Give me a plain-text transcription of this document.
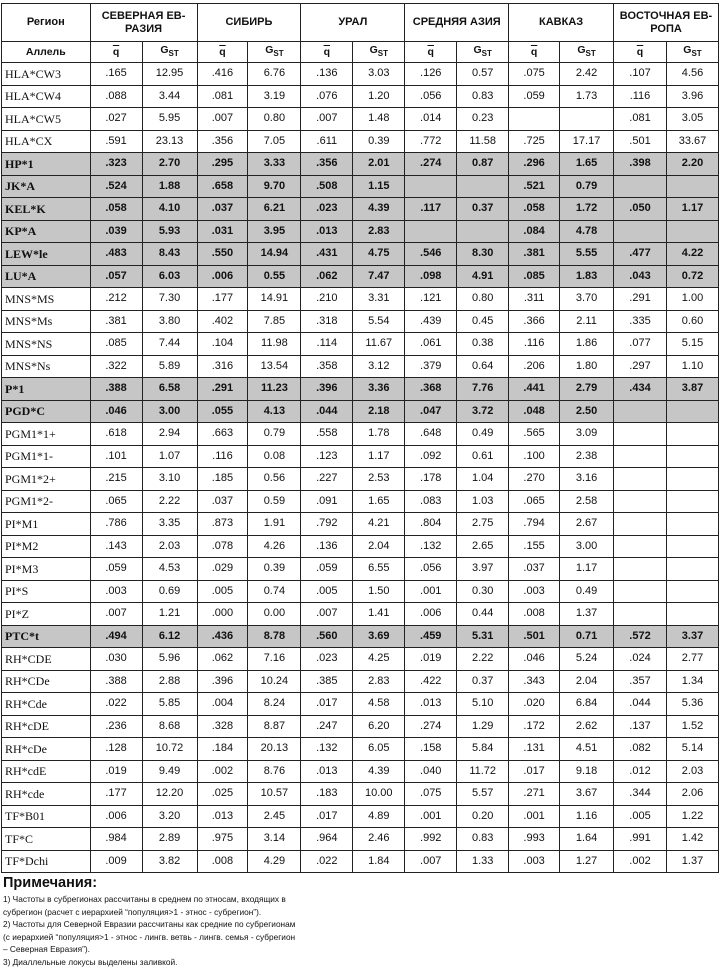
Регион	СЕВЕРНАЯ ЕВ-РАЗИЯ		СИБИРЬ		УРАЛ		СРЕДНЯЯ АЗИЯ		КАВКАЗ		ВОСТОЧНАЯ ЕВ-РОПА	
Аллель	$\overline{q}$	$G_{ST}$	$\overline{q}$	$G_{ST}$	$\overline{q}$	$G_{ST}$	$\overline{q}$	$G_{ST}$	$\overline{q}$	$G_{ST}$	$\overline{q}$	$G_{ST}$
HLA*CW3	.165	12.95	.416	6.76	.136	3.03	.126	0.57	.075	2.42	.107	4.56
HLA*CW4	.088	3.44	.081	3.19	.076	1.20	.056	0.83	.059	1.73	.116	3.96
HLA*CW5	.027	5.95	.007	0.80	.007	1.48	.014	0.23			.081	3.05
HLA*CX	.591	23.13	.356	7.05	.611	0.39	.772	11.58	.725	17.17	.501	33.67
HP*1	.323	2.70	.295	3.33	.356	2.01	.274	0.87	.296	1.65	.398	2.20
JK*A	.524	1.88	.658	9.70	.508	1.15			.521	0.79		
KEL*K	.058	4.10	.037	6.21	.023	4.39	.117	0.37	.058	1.72	.050	1.17
KP*A	.039	5.93	.031	3.95	.013	2.83			.084	4.78		
LEW*le	.483	8.43	.550	14.94	.431	4.75	.546	8.30	.381	5.55	.477	4.22
LU*A	.057	6.03	.006	0.55	.062	7.47	.098	4.91	.085	1.83	.043	0.72
MNS*MS	.212	7.30	.177	14.91	.210	3.31	.121	0.80	.311	3.70	.291	1.00
MNS*Ms	.381	3.80	.402	7.85	.318	5.54	.439	0.45	.366	2.11	.335	0.60
MNS*NS	.085	7.44	.104	11.98	.114	11.67	.061	0.38	.116	1.86	.077	5.15
MNS*Ns	.322	5.89	.316	13.54	.358	3.12	.379	0.64	.206	1.80	.297	1.10
P*1	.388	6.58	.291	11.23	.396	3.36	.368	7.76	.441	2.79	.434	3.87
PGD*C	.046	3.00	.055	4.13	.044	2.18	.047	3.72	.048	2.50		
PGM1*1+	.618	2.94	.663	0.79	.558	1.78	.648	0.49	.565	3.09		
PGM1*1-	.101	1.07	.116	0.08	.123	1.17	.092	0.61	.100	2.38		
PGM1*2+	.215	3.10	.185	0.56	.227	2.53	.178	1.04	.270	3.16		
PGM1*2-	.065	2.22	.037	0.59	.091	1.65	.083	1.03	.065	2.58		
PI*M1	.786	3.35	.873	1.91	.792	4.21	.804	2.75	.794	2.67		
PI*M2	.143	2.03	.078	4.26	.136	2.04	.132	2.65	.155	3.00		
PI*M3	.059	4.53	.029	0.39	.059	6.55	.056	3.97	.037	1.17		
PI*S	.003	0.69	.005	0.74	.005	1.50	.001	0.30	.003	0.49		
PI*Z	.007	1.21	.000	0.00	.007	1.41	.006	0.44	.008	1.37		
PTC*t	.494	6.12	.436	8.78	.560	3.69	.459	5.31	.501	0.71	.572	3.37
RH*CDE	.030	5.96	.062	7.16	.023	4.25	.019	2.22	.046	5.24	.024	2.77
RH*CDe	.388	2.88	.396	10.24	.385	2.83	.422	0.37	.343	2.04	.357	1.34
RH*Cde	.022	5.85	.004	8.24	.017	4.58	.013	5.10	.020	6.84	.044	5.36
RH*cDE	.236	8.68	.328	8.87	.247	6.20	.274	1.29	.172	2.62	.137	1.52
RH*cDe	.128	10.72	.184	20.13	.132	6.05	.158	5.84	.131	4.51	.082	5.14
RH*cdE	.019	9.49	.002	8.76	.013	4.39	.040	11.72	.017	9.18	.012	2.03
RH*cde	.177	12.20	.025	10.57	.183	10.00	.075	5.57	.271	3.67	.344	2.06
TF*B01	.006	3.20	.013	2.45	.017	4.89	.001	0.20	.001	1.16	.005	1.22
TF*C	.984	2.89	.975	3.14	.964	2.46	.992	0.83	.993	1.64	.991	1.42
TF*Dchi	.009	3.82	.008	4.29	.022	1.84	.007	1.33	.003	1.27	.002	1.37
Примечания:
1) Частоты в субрегионах рассчитаны в среднем по этносам, входящих в
субрегион (расчет с иерархией “популяция>1 - этнос - субрегион”).
2) Частоты для Северной Евразии рассчитаны как средние по субрегионам
(с иерархией “популяция>1 - этнос - лингв. ветвь - лингв. семья - субрегион
– Северная Евразия”).
3) Диаллельные локусы выделены заливкой.
